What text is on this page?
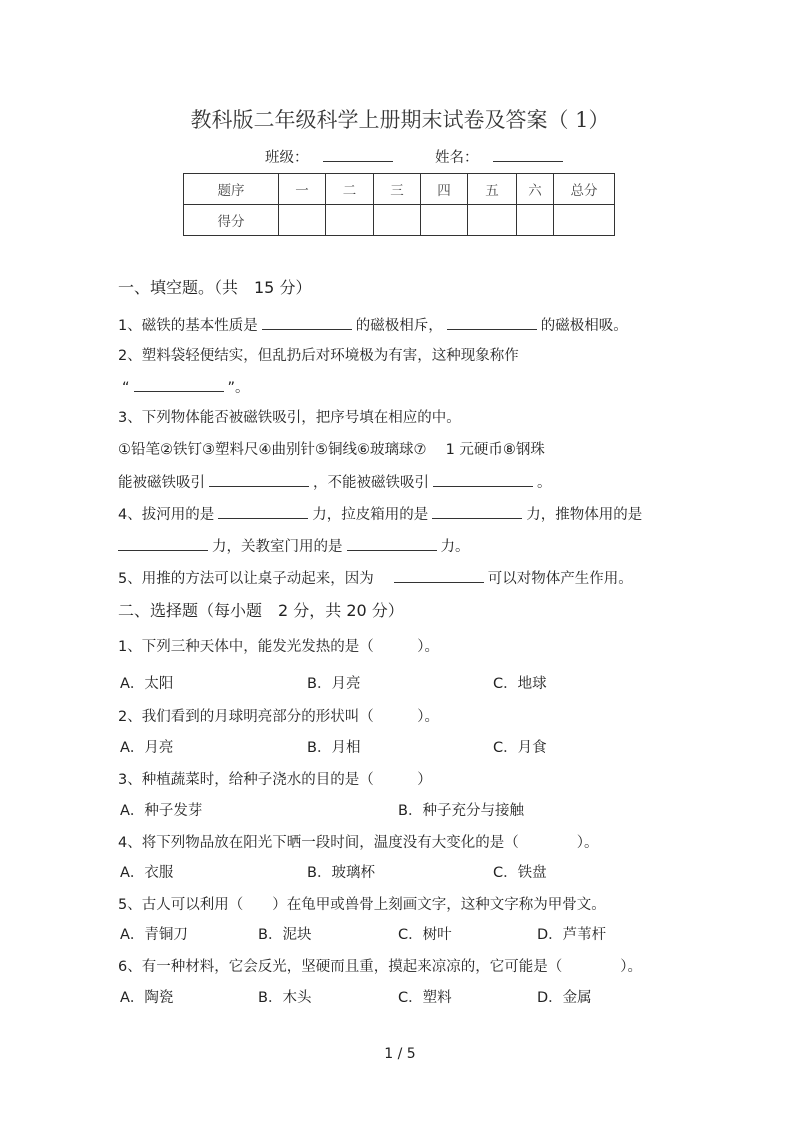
教科版二年级科学上册期末试卷及答案（ 1）
班级：	姓名：
题序	一	二	三	四	五	六	总分
得分							
一、填空题。（共　15 分）
1、磁铁的基本性质是	的磁极相斥，	的磁极相吸。
2、塑料袋轻便结实，但乱扔后对环境极为有害，这种现象称作
“	”。
3、下列物体能否被磁铁吸引，把序号填在相应的中。
①铅笔②铁钉③塑料尺④曲别针⑤铜线⑥玻璃球⑦　 1 元硬币⑧钢珠
能被磁铁吸引	，不能被磁铁吸引	。
4、拔河用的是	力，拉皮箱用的是	力，推物体用的是
力，关教室门用的是	力。
5、用推的方法可以让桌子动起来，因为	可以对物体产生作用。
二、选择题（每小题　2 分，共 20 分）
1、下列三种天体中，能发光发热的是（　　　）。
A．太阳	B．月亮	C．地球
2、我们看到的月球明亮部分的形状叫（　　　）。
A．月亮	B．月相	C．月食
3、种植蔬菜时，给种子浇水的目的是（　　　）
A．种子发芽	B．种子充分与接触
4、将下列物品放在阳光下晒一段时间，温度没有大变化的是（　　　　）。
A．衣服	B．玻璃杯	C．铁盘
5、古人可以利用（　　）在龟甲或兽骨上刻画文字，这种文字称为甲骨文。
A．青铜刀	B．泥块	C．树叶	D．芦苇杆
6、有一种材料，它会反光，坚硬而且重，摸起来凉凉的，它可能是（　　　　）。
A．陶瓷	B．木头	C．塑料	D．金属
1 / 5
